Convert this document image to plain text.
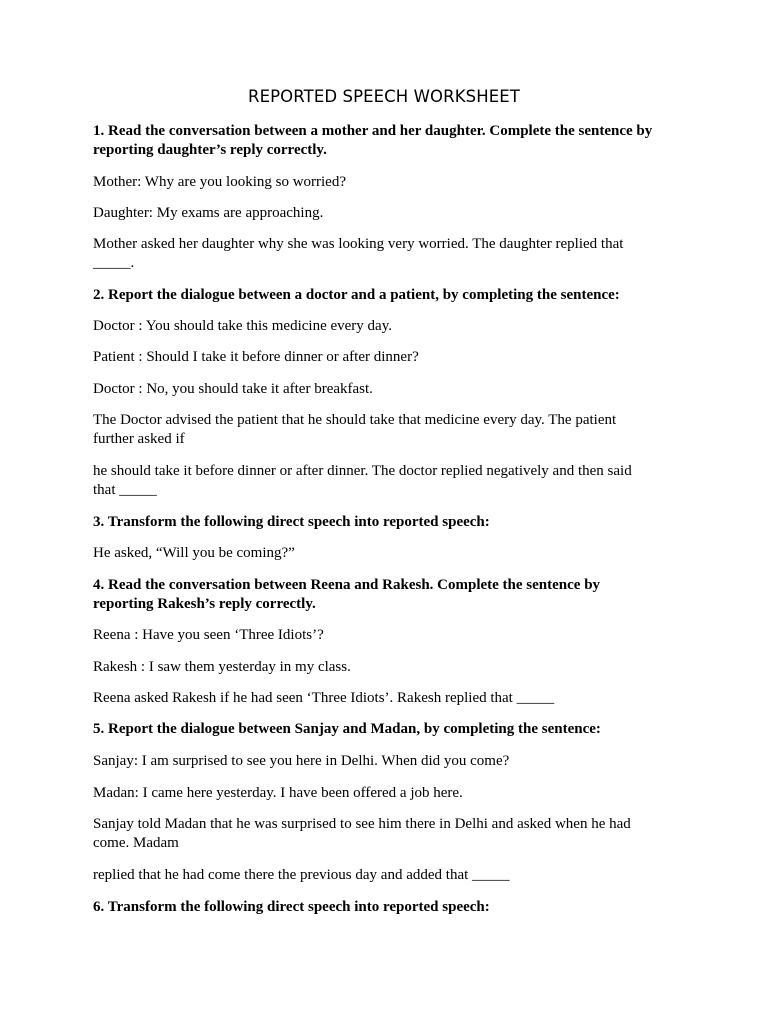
REPORTED SPEECH WORKSHEET

1. Read the conversation between a mother and her daughter. Complete the sentence by
reporting daughter’s reply correctly.

Mother: Why are you looking so worried?

Daughter: My exams are approaching.

Mother asked her daughter why she was looking very worried. The daughter replied that
_____.

2. Report the dialogue between a doctor and a patient, by completing the sentence:

Doctor : You should take this medicine every day.

Patient : Should I take it before dinner or after dinner?

Doctor : No, you should take it after breakfast.

The Doctor advised the patient that he should take that medicine every day. The patient
further asked if

he should take it before dinner or after dinner. The doctor replied negatively and then said
that _____

3. Transform the following direct speech into reported speech:

He asked, “Will you be coming?”

4. Read the conversation between Reena and Rakesh. Complete the sentence by
reporting Rakesh’s reply correctly.

Reena : Have you seen ‘Three Idiots’?

Rakesh : I saw them yesterday in my class.

Reena asked Rakesh if he had seen ‘Three Idiots’. Rakesh replied that _____

5. Report the dialogue between Sanjay and Madan, by completing the sentence:

Sanjay: I am surprised to see you here in Delhi. When did you come?

Madan: I came here yesterday. I have been offered a job here.

Sanjay told Madan that he was surprised to see him there in Delhi and asked when he had
come. Madam

replied that he had come there the previous day and added that _____

6. Transform the following direct speech into reported speech:
